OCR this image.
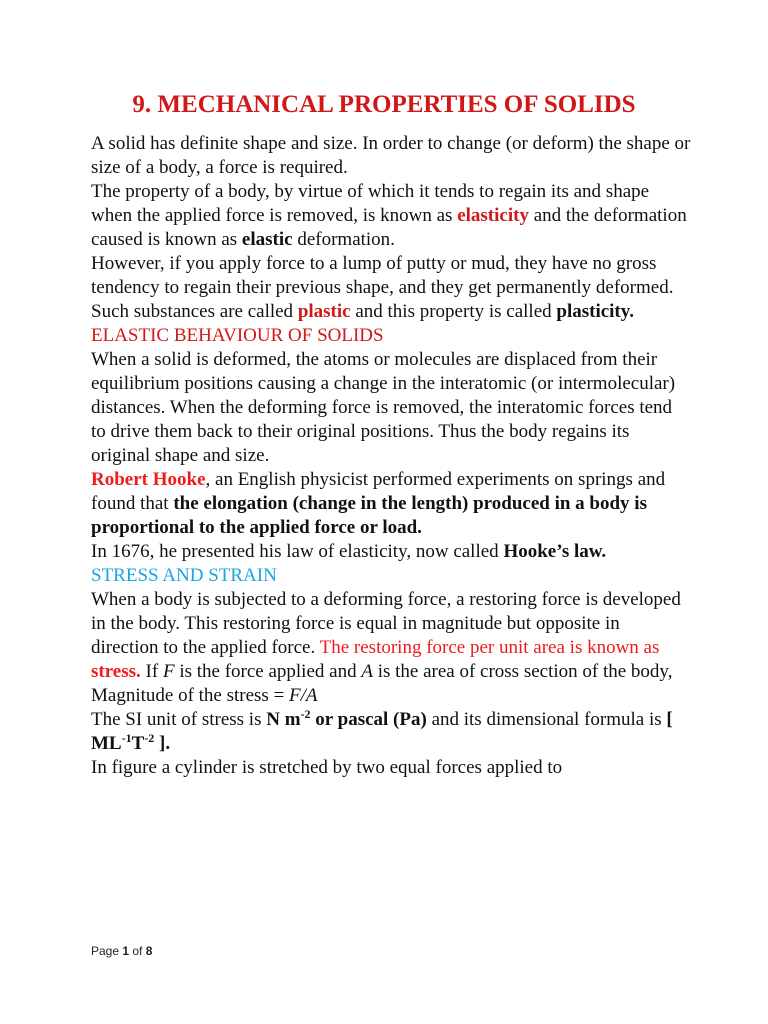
9. MECHANICAL PROPERTIES OF SOLIDS

A solid has definite shape and size. In order to change (or deform) the shape or size of a body, a force is required.

The property of a body, by virtue of which it tends to regain its and shape when the applied force is removed, is known as elasticity and the deformation caused is known as elastic deformation.

However, if you apply force to a lump of putty or mud, they have no gross tendency to regain their previous shape, and they get permanently deformed. Such substances are called plastic and this property is called plasticity.

ELASTIC BEHAVIOUR OF SOLIDS

When a solid is deformed, the atoms or molecules are displaced from their equilibrium positions causing a change in the interatomic (or intermolecular) distances. When the deforming force is removed, the interatomic forces tend to drive them back to their original positions. Thus the body regains its original shape and size.

Robert Hooke, an English physicist performed experiments on springs and found that the elongation (change in the length) produced in a body is proportional to the applied force or load.

In 1676, he presented his law of elasticity, now called Hooke’s law.

STRESS AND STRAIN

When a body is subjected to a deforming force, a restoring force is developed in the body. This restoring force is equal in magnitude but opposite in direction to the applied force. The restoring force per unit area is known as stress. If F is the force applied and A is the area of cross section of the body,

Magnitude of the stress = F/A

The SI unit of stress is N $m^{-2}$ or pascal (Pa) and its dimensional formula is [ $ML^{-1}T^{-2}$ ].

In figure a cylinder is stretched by two equal forces applied to

Page 1 of 8
